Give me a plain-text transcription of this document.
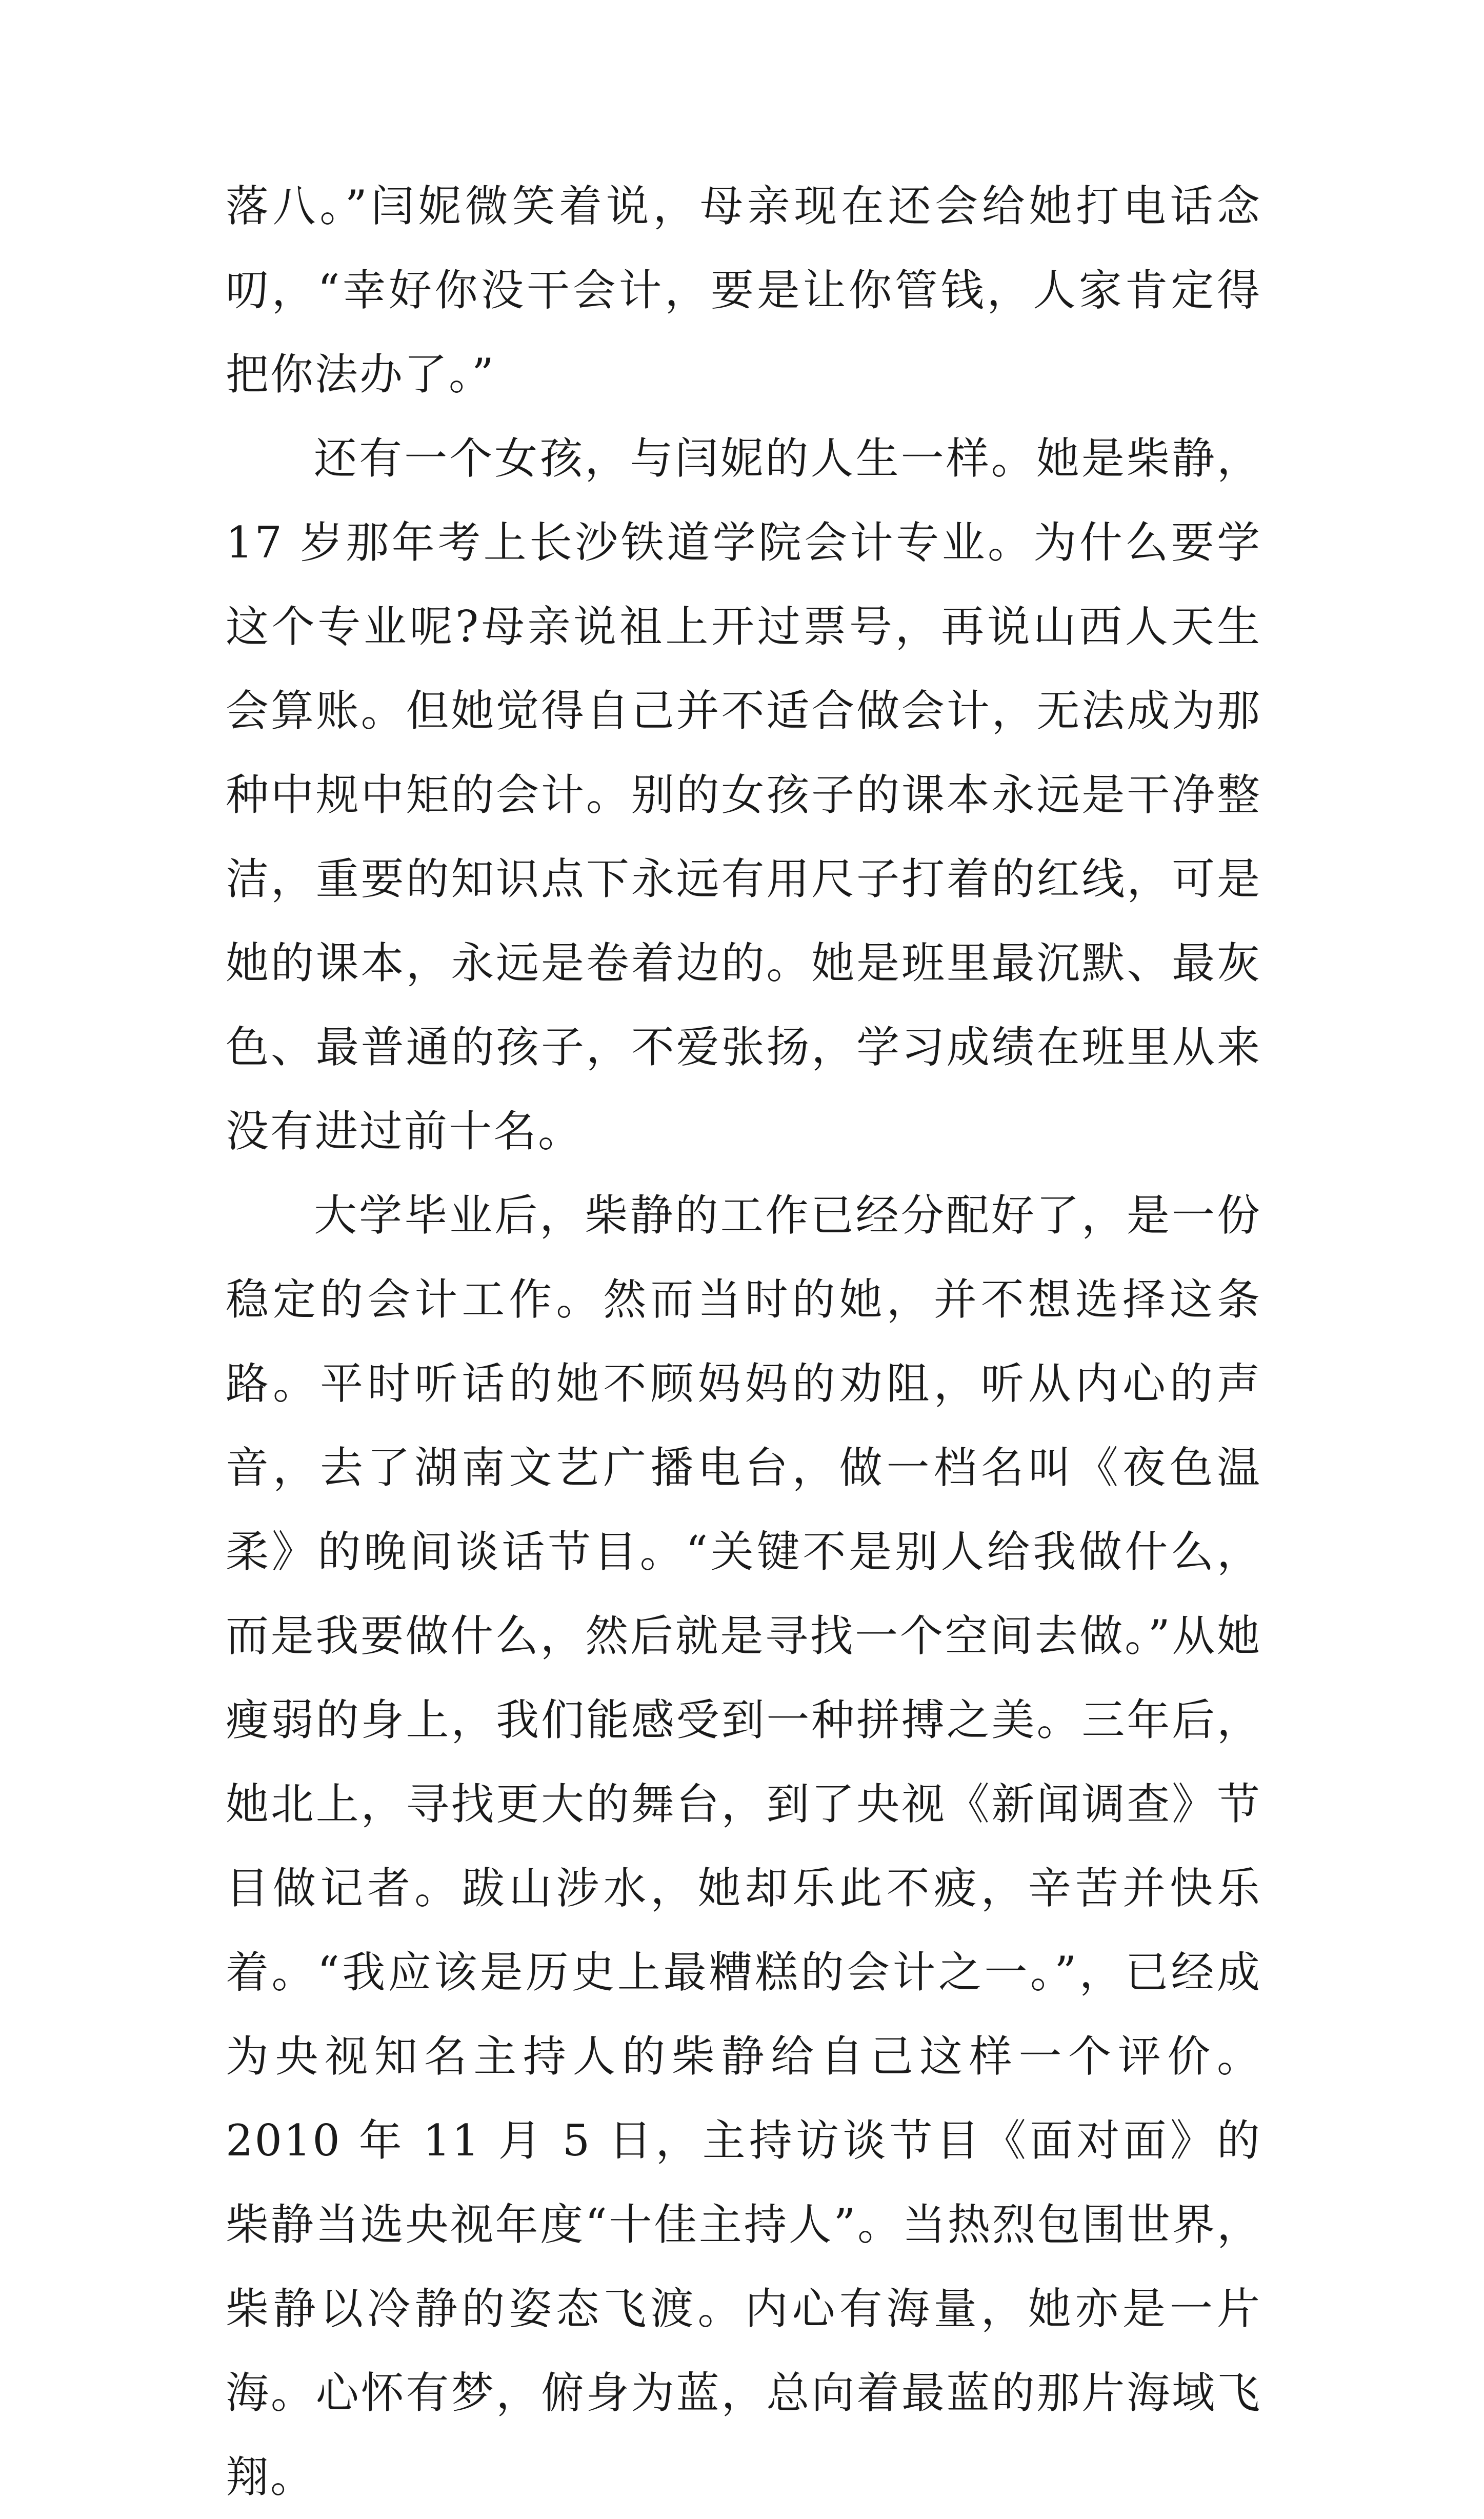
落八。”闫妮微笑着说，母亲现在还会给她打电话念叨，“幸好你没干会计，要是让你管钱，人家肯定得把你法办了。”

还有一个女孩，与闫妮的人生一样。她是柴静，17 岁那年考上长沙铁道学院会计专业。为什么要学这个专业呢?母亲说祖上开过票号，再说山西人天生会算账。但她觉得自己并不适合做会计，无法成为那种中规中矩的会计。别的女孩子的课本永远是干净整洁，重要的知识点下永远有用尺子打着的红线，可是她的课本，永远是卷着边的。她是班里最沉默、最灰色、最普通的孩子，不爱张扬，学习成绩在班里从来没有进过前十名。

大学毕业后，柴静的工作已经分配好了，是一份稳定的会计工作。然而当时的她，并不想选择这条路。平时听话的她不顾妈妈的劝阻，听从内心的声音，去了湖南文艺广播电台，做一档名叫《夜色温柔》的晚间谈话节目。“关键不是别人给我做什么，而是我要做什么，然后就是寻找一个空间去做。”从她瘦弱的身上，我们能感受到一种拼搏之美。三年后，她北上，寻找更大的舞台，到了央视《新闻调查》节目做记者。跋山涉水，她却乐此不疲，辛苦并快乐着。“我应该是历史上最糟糕的会计之一。”，已经成为央视知名主持人的柴静给自己这样一个评价。 2010 年 11 月 5 日，主持访谈节目《面对面》的柴静当选央视年度“十佳主持人”。当热烈包围世界，柴静以冷静的姿态飞渡。内心有海量，她亦是一片海。心怀有梦，俯身为蓝，总向着最蓝的那片海域飞翔。
